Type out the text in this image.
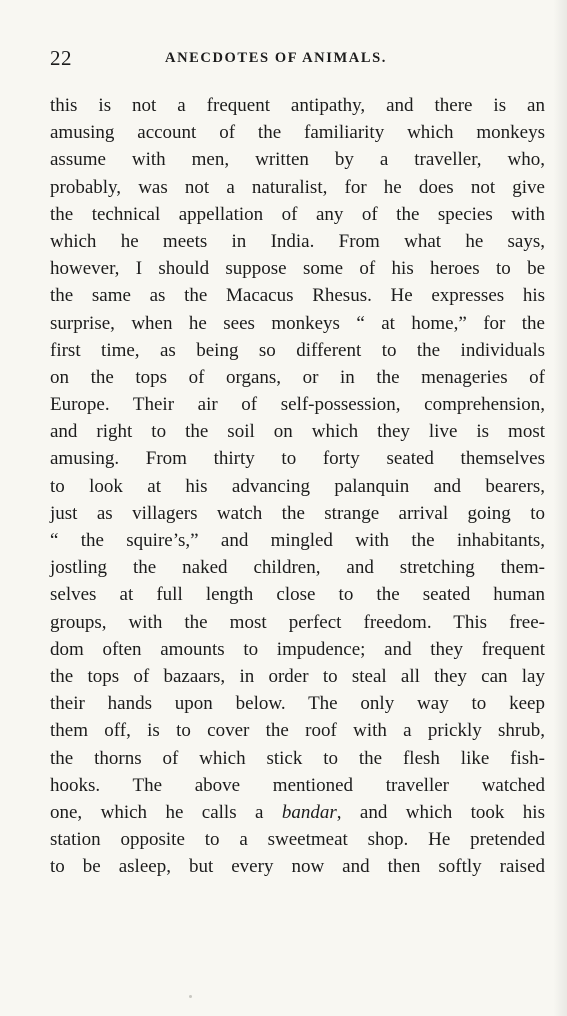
22	ANECDOTES OF ANIMALS.
this is not a frequent antipathy, and there is an
amusing account of the familiarity which monkeys
assume with men, written by a traveller, who,
probably, was not a naturalist, for he does not give
the technical appellation of any of the species with
which he meets in India. From what he says,
however, I should suppose some of his heroes to be
the same as the Macacus Rhesus. He expresses his
surprise, when he sees monkeys “ at home,” for the
first time, as being so different to the individuals
on the tops of organs, or in the menageries of
Europe. Their air of self-possession, comprehension,
and right to the soil on which they live is most
amusing. From thirty to forty seated themselves
to look at his advancing palanquin and bearers,
just as villagers watch the strange arrival going to
“ the squire’s,” and mingled with the inhabitants,
jostling the naked children, and stretching them-
selves at full length close to the seated human
groups, with the most perfect freedom. This free-
dom often amounts to impudence; and they frequent
the tops of bazaars, in order to steal all they can lay
their hands upon below. The only way to keep
them off, is to cover the roof with a prickly shrub,
the thorns of which stick to the flesh like fish-
hooks. The above mentioned traveller watched
one, which he calls a bandar, and which took his
station opposite to a sweetmeat shop. He pretended
to be asleep, but every now and then softly raised
